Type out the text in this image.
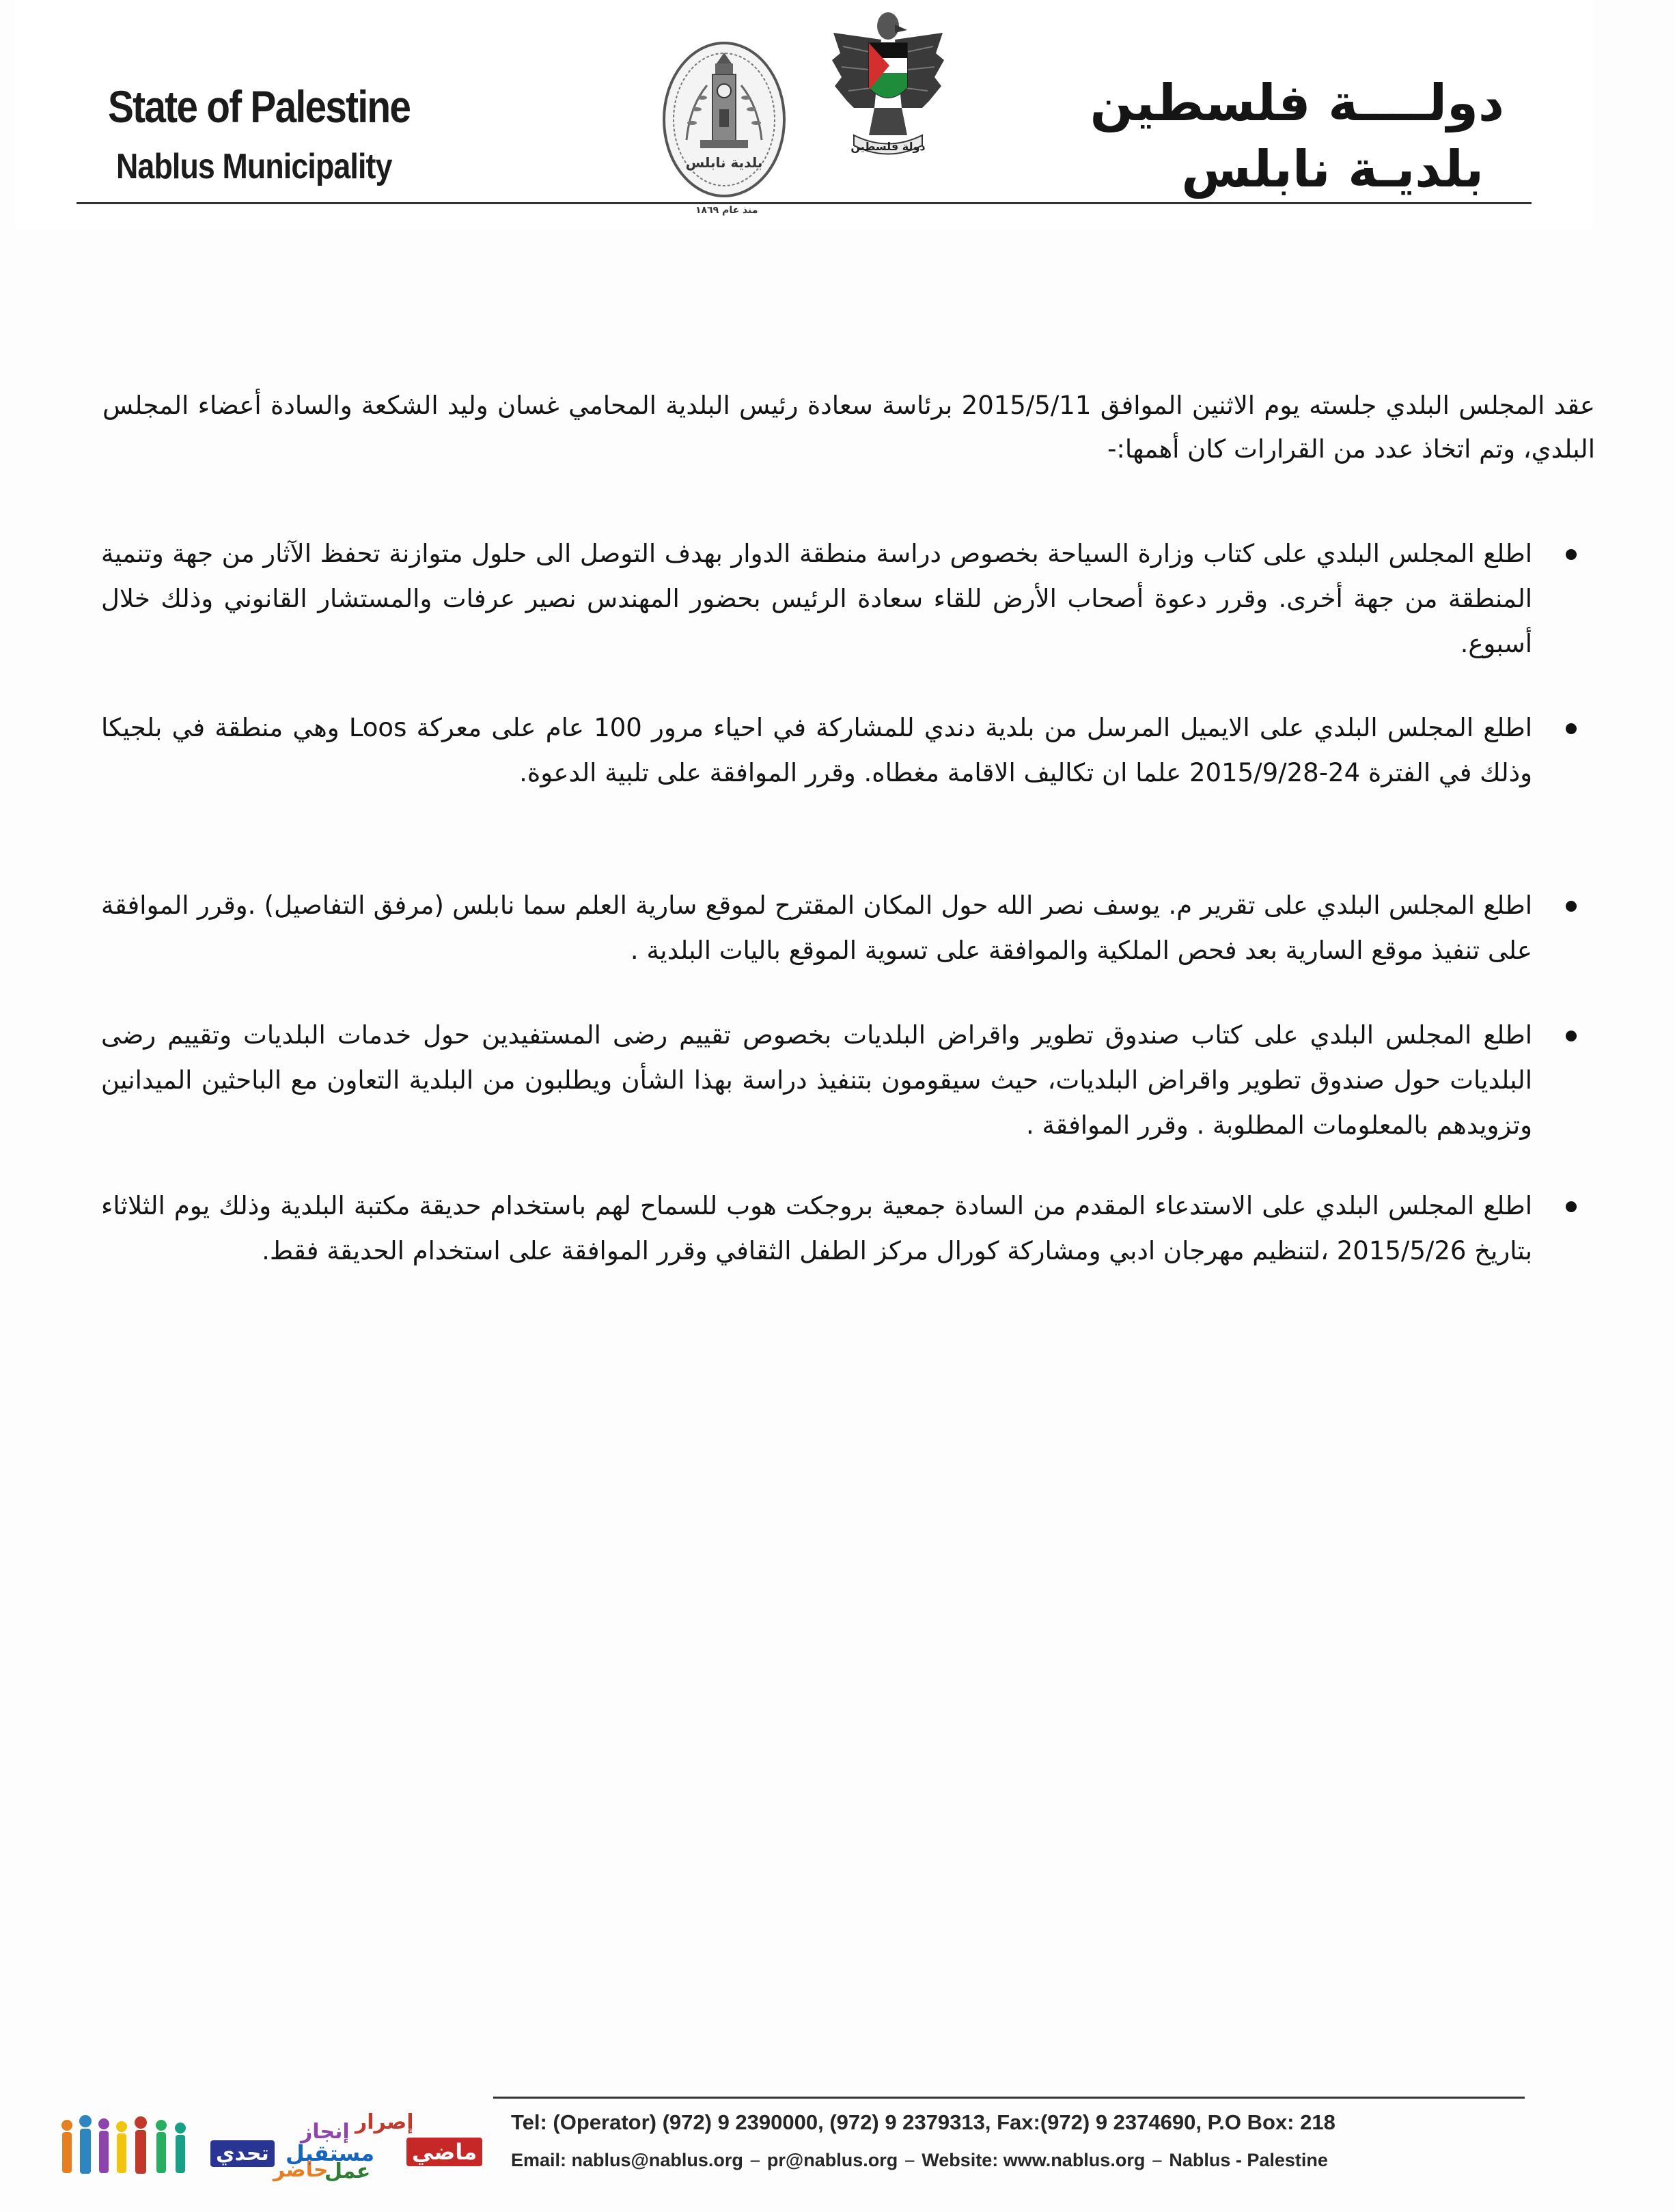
State of Palestine
Nablus Municipality	بلدية نابلس
منذ عام ١٨٦٩
دولة فلسطين
دولــــة فلسطين
بلديـة نابلس

عقد المجلس البلدي جلسته يوم الاثنين الموافق 2015/5/11 برئاسة سعادة رئيس البلدية المحامي غسان وليد الشكعة والسادة أعضاء المجلس البلدي، وتم اتخاذ عدد من القرارات كان أهمها:-

اطلع المجلس البلدي على كتاب وزارة السياحة بخصوص دراسة منطقة الدوار بهدف التوصل الى حلول متوازنة تحفظ الآثار من جهة وتنمية المنطقة من جهة أخرى. وقرر دعوة أصحاب الأرض للقاء سعادة الرئيس بحضور المهندس نصير عرفات والمستشار القانوني وذلك خلال أسبوع.
اطلع المجلس البلدي على الايميل المرسل من بلدية دندي للمشاركة في احياء مرور 100 عام على معركة Loos وهي منطقة في بلجيكا وذلك في الفترة 24-2015/9/28 علما ان تكاليف الاقامة مغطاه. وقرر الموافقة على تلبية الدعوة.
اطلع المجلس البلدي على تقرير م. يوسف نصر الله حول المكان المقترح لموقع سارية العلم سما نابلس (مرفق التفاصيل) .وقرر الموافقة على تنفيذ موقع السارية بعد فحص الملكية والموافقة على تسوية الموقع باليات البلدية .
اطلع المجلس البلدي على كتاب صندوق تطوير واقراض البلديات بخصوص تقييم رضى المستفيدين حول خدمات البلديات وتقييم رضى البلديات حول صندوق تطوير واقراض البلديات، حيث سيقومون بتنفيذ دراسة بهذا الشأن ويطلبون من البلدية التعاون مع الباحثين الميدانين وتزويدهم بالمعلومات المطلوبة . وقرر الموافقة .
اطلع المجلس البلدي على الاستدعاء المقدم من السادة جمعية بروجكت هوب للسماح لهم باستخدام حديقة مكتبة البلدية وذلك يوم الثلاثاء بتاريخ 2015/5/26 ،لتنظيم مهرجان ادبي ومشاركة كورال مركز الطفل الثقافي وقرر الموافقة على استخدام الحديقة فقط.
تحدي
حاضر
مستقبل
إنجاز
عمل
إصرار
ماضي
Tel: (Operator) (972) 9 2390000, (972) 9 2379313, Fax:(972) 9 2374690, P.O Box: 218
Email: nablus@nablus.org – pr@nablus.org – Website: www.nablus.org – Nablus - Palestine
